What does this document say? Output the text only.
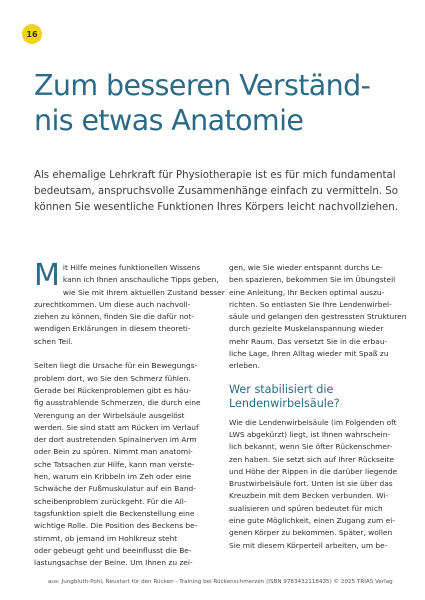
16
Zum besseren Verständ-
nis etwas Anatomie

Als ehemalige Lehrkraft für Physiotherapie ist es für mich fundamental
bedeutsam, anspruchsvolle Zusammenhänge einfach zu vermitteln. So
können Sie wesentliche Funktionen Ihres Körpers leicht nachvollziehen.

M it Hilfe meines funktionellen Wissens
kann ich Ihnen anschauliche Tipps geben,
wie Sie mit Ihrem aktuellen Zustand besser
zurechtkommen. Um diese auch nachvoll-
ziehen zu können, finden Sie die dafür not-
wendigen Erklärungen in diesem theoreti-
schen Teil.
Selten liegt die Ursache für ein Bewegungs-
problem dort, wo Sie den Schmerz fühlen.
Gerade bei Rückenproblemen gibt es häu-
fig ausstrahlende Schmerzen, die durch eine
Verengung an der Wirbelsäule ausgelöst
werden. Sie sind statt am Rücken im Verlauf
der dort austretenden Spinalnerven im Arm
oder Bein zu spüren. Nimmt man anatomi-
sche Tatsachen zur Hilfe, kann man verste-
hen, warum ein Kribbeln im Zeh oder eine
Schwäche der Fußmuskulatur auf ein Band-
scheibenproblem zurückgeht. Für die All-
tagsfunktion spielt die Beckenstellung eine
wichtige Rolle. Die Position des Beckens be-
stimmt, ob jemand im Hohlkreuz steht
oder gebeugt geht und beeinflusst die Be-
lastungsachse der Beine. Um Ihnen zu zei-
gen, wie Sie wieder entspannt durchs Le-
ben spazieren, bekommen Sie im Übungsteil
eine Anleitung, Ihr Becken optimal auszu-
richten. So entlasten Sie Ihre Lendenwirbel-
säule und gelangen den gestressten Strukturen
durch gezielte Muskelanspannung wieder
mehr Raum. Das versetzt Sie in die erbau-
liche Lage, Ihren Alltag wieder mit Spaß zu
erleben.
Wer stabilisiert die
Lendenwirbelsäule?
Wie die Lendenwirbelsäule (im Folgenden oft
LWS abgekürzt) liegt, ist Ihnen wahrschein-
lich bekannt, wenn Sie öfter Rückenschmer-
zen haben. Sie setzt sich auf Ihrer Rückseite
und Höhe der Rippen in die darüber liegende
Brustwirbelsäule fort. Unten ist sie über das
Kreuzbein mit dem Becken verbunden. Wi-
sualisieren und spüren bedeutet für mich
eine gute Möglichkeit, einen Zugang zum ei-
genen Körper zu bekommen. Später, wollen
Sie mit diesem Körperteil arbeiten, um be-
aus: Jungbluth-Pohl, Neustart für den Rücken - Training bei Rückenschmerzen (ISBN 9783432118435) © 2025 TRIAS Verlag
